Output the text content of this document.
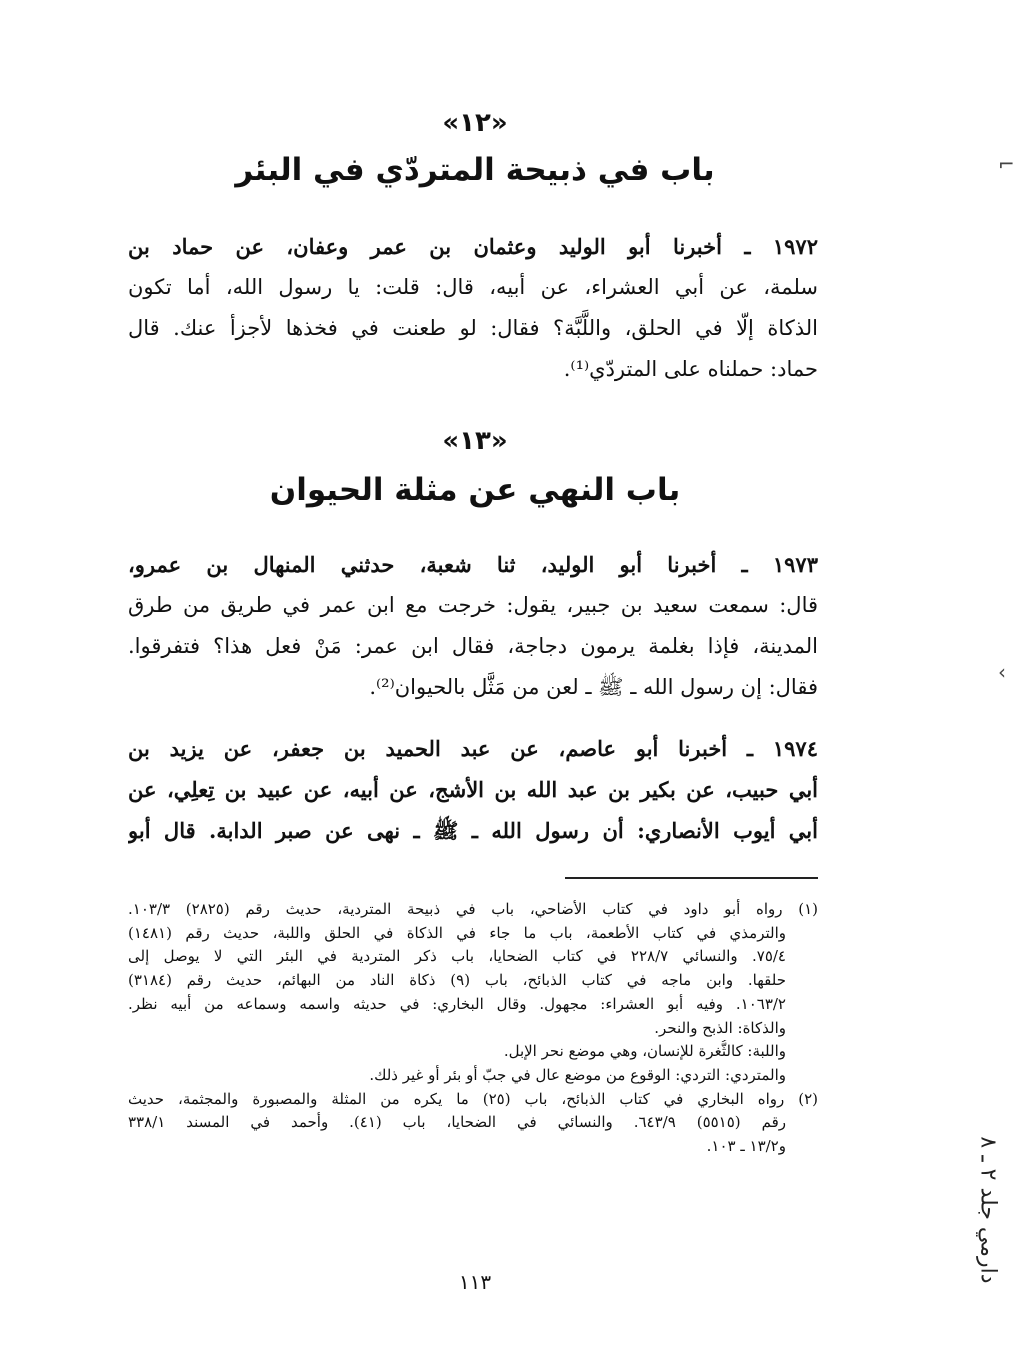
«١٢»
باب في ذبيحة المتردّي في البئر
١٩٧٢ ـ أخبرنا أبو الوليد وعثمان بن عمر وعفان، عن حماد بن
سلمة، عن أبي العشراء، عن أبيه، قال: قلت: يا رسول الله، أما تكون
الذكاة إلّا في الحلق، واللَّبَّة؟ فقال: لو طعنت في فخذها لأجزأ عنك. قال
حماد: حملناه على المتردّي⁽¹⁾.
«١٣»
باب النهي عن مثلة الحيوان
١٩٧٣ ـ أخبرنا أبو الوليد، ثنا شعبة، حدثني المنهال بن عمرو،
قال: سمعت سعيد بن جبير، يقول: خرجت مع ابن عمر في طريق من طرق
المدينة، فإذا بغلمة يرمون دجاجة، فقال ابن عمر: مَنْ فعل هذا؟ فتفرقوا.
فقال: إن رسول الله ـ ﷺ ـ لعن من مَثَّل بالحيوان⁽²⁾.
١٩٧٤ ـ أخبرنا أبو عاصم، عن عبد الحميد بن جعفر، عن يزيد بن
أبي حبيب، عن بكير بن عبد الله بن الأشج، عن أبيه، عن عبيد بن تِعلِي، عن
أبي أيوب الأنصاري: أن رسول الله ـ ﷺ ـ نهى عن صبر الدابة. قال أبو
(١) رواه أبو داود في كتاب الأضاحي، باب في ذبيحة المتردية، حديث رقم (٢٨٢٥) ١٠٣/٣.
والترمذي في كتاب الأطعمة، باب ما جاء في الذكاة في الحلق واللبة، حديث رقم (١٤٨١)
٧٥/٤. والنسائي ٢٢٨/٧ في كتاب الضحايا، باب ذكر المتردية في البئر التي لا يوصل إلى
حلقها. وابن ماجه في كتاب الذبائح، باب (٩) ذكاة الناد من البهائم، حديث رقم (٣١٨٤)
١٠٦٣/٢. وفيه أبو العشراء: مجهول. وقال البخاري: في حديثه واسمه وسماعه من أبيه نظر.
والذكاة: الذبح والنحر.
واللبة: كالثُّغرة للإنسان، وهي موضع نحر الإبل.
والمتردي: التردي: الوقوع من موضع عال في جبّ أو بئر أو غير ذلك.
(٢) رواه البخاري في كتاب الذبائح، باب (٢٥) ما يكره من المثلة والمصبورة والمجثمة، حديث
رقم (٥٥١٥) ٦٤٣/٩. والنسائي في الضحايا، باب (٤١). وأحمد في المسند ٣٣٨/١
و١٣/٢ ـ ١٠٣.
١١٣
دارمي جلد ٢ ـ ٨
⌐
›
